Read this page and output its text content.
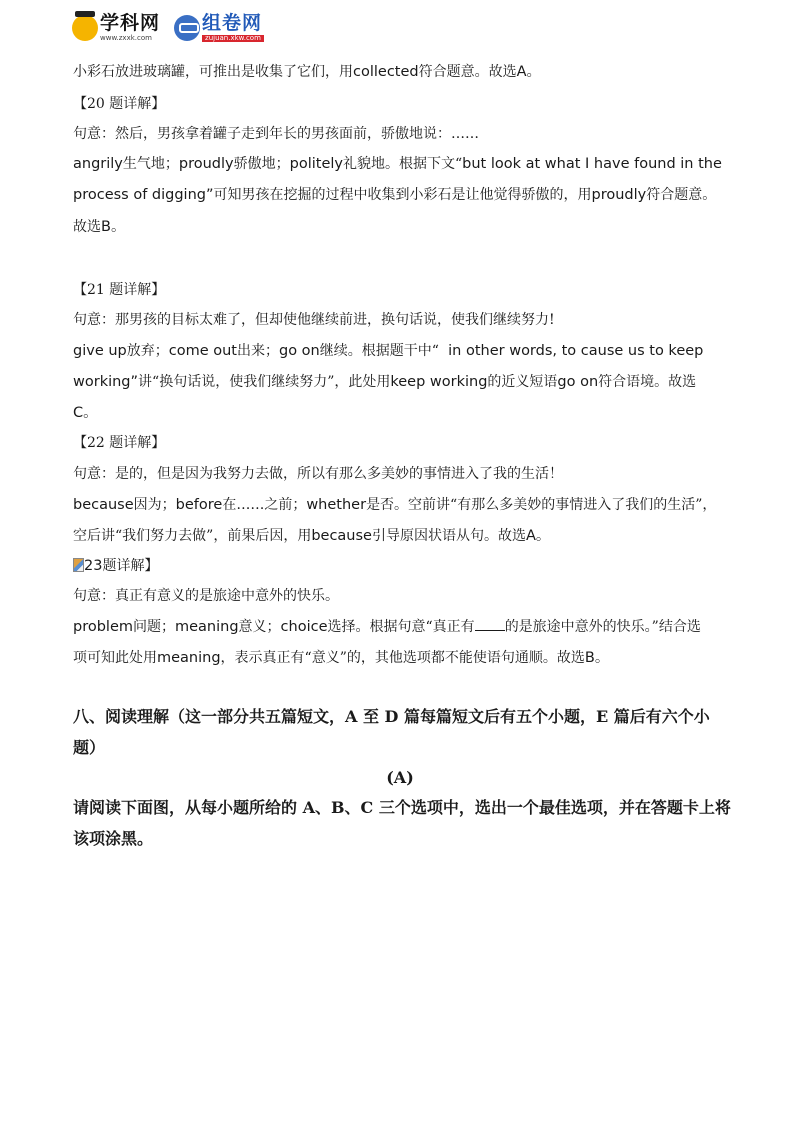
学科网
www.zxxk.com
组卷网
zujuan.xkw.com
小彩石放进玻璃罐，可推出是收集了它们，用collected符合题意。故选A。
【20 题详解】
句意：然后，男孩拿着罐子走到年长的男孩面前，骄傲地说：……
angrily生气地；proudly骄傲地；politely礼貌地。根据下文“but look at what I have found in the
process of digging”可知男孩在挖掘的过程中收集到小彩石是让他觉得骄傲的，用proudly符合题意。
故选B。
【21 题详解】
句意：那男孩的目标太难了，但却使他继续前进，换句话说，使我们继续努力!
give up放弃；come out出来；go on继续。根据题干中“  in other words, to cause us to keep
working”讲“换句话说，使我们继续努力”，此处用keep working的近义短语go on符合语境。故选
C。
【22 题详解】
句意：是的，但是因为我努力去做，所以有那么多美妙的事情进入了我的生活！
because因为；before在……之前；whether是否。空前讲“有那么多美妙的事情进入了我们的生活”，
空后讲“我们努力去做”，前果后因，用because引导原因状语从句。故选A。
23题详解】
句意：真正有意义的是旅途中意外的快乐。
problem问题；meaning意义；choice选择。根据句意“真正有 的是旅途中意外的快乐。”结合选
项可知此处用meaning，表示真正有“意义”的，其他选项都不能使语句通顺。故选B。
八、阅读理解（这一部分共五篇短文，A 至 D 篇每篇短文后有五个小题，E 篇后有六个小
题）
(A)
请阅读下面图，从每小题所给的 A、B、C 三个选项中，选出一个最佳选项，并在答题卡上将
该项涂黑。
